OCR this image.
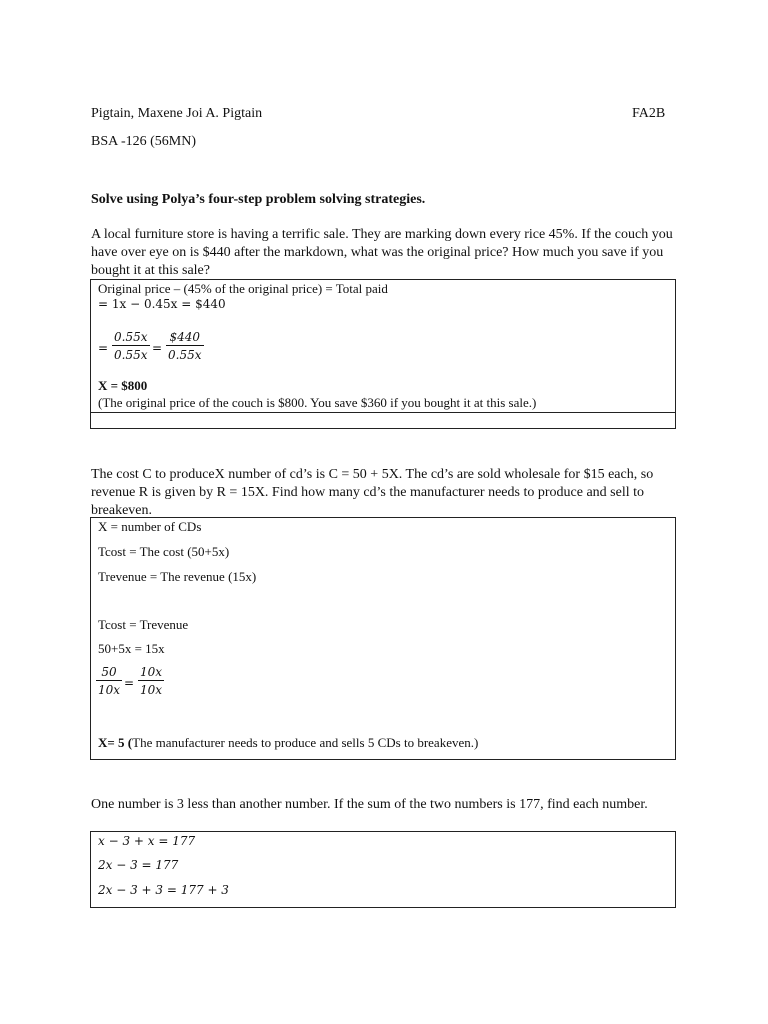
Pigtain, Maxene Joi A. Pigtain	FA2B
BSA -126 (56MN)
Solve using Polya’s four-step problem solving strategies.
A local furniture store is having a terrific sale. They are marking down every rice 45%. If the couch you have over eye on is $440 after the markdown, what was the original price? How much you save if you bought it at this sale?
Original price – (45% of the original price) = Total paid
= 1x − 0.45x = $440
= $\frac{0.55x}{0.55x} = \frac{\$440}{0.55x}$
X = $800
(The original price of the couch is $800. You save $360 if you bought it at this sale.)
The cost C to produceX number of cd’s is C = 50 + 5X. The cd’s are sold wholesale for $15 each, so revenue R is given by R = 15X. Find how many cd’s the manufacturer needs to produce and sell to breakeven.
X = number of CDs
Tcost = The cost (50+5x)
Trevenue = The revenue (15x)
Tcost = Trevenue
50+5x = 15x
$\frac{50}{10x} = \frac{10x}{10x}$
X= 5 (The manufacturer needs to produce and sells 5 CDs to breakeven.)
One number is 3 less than another number. If the sum of the two numbers is 177, find each number.
x − 3 + x = 177
2x − 3 = 177
2x − 3 + 3 = 177 + 3
